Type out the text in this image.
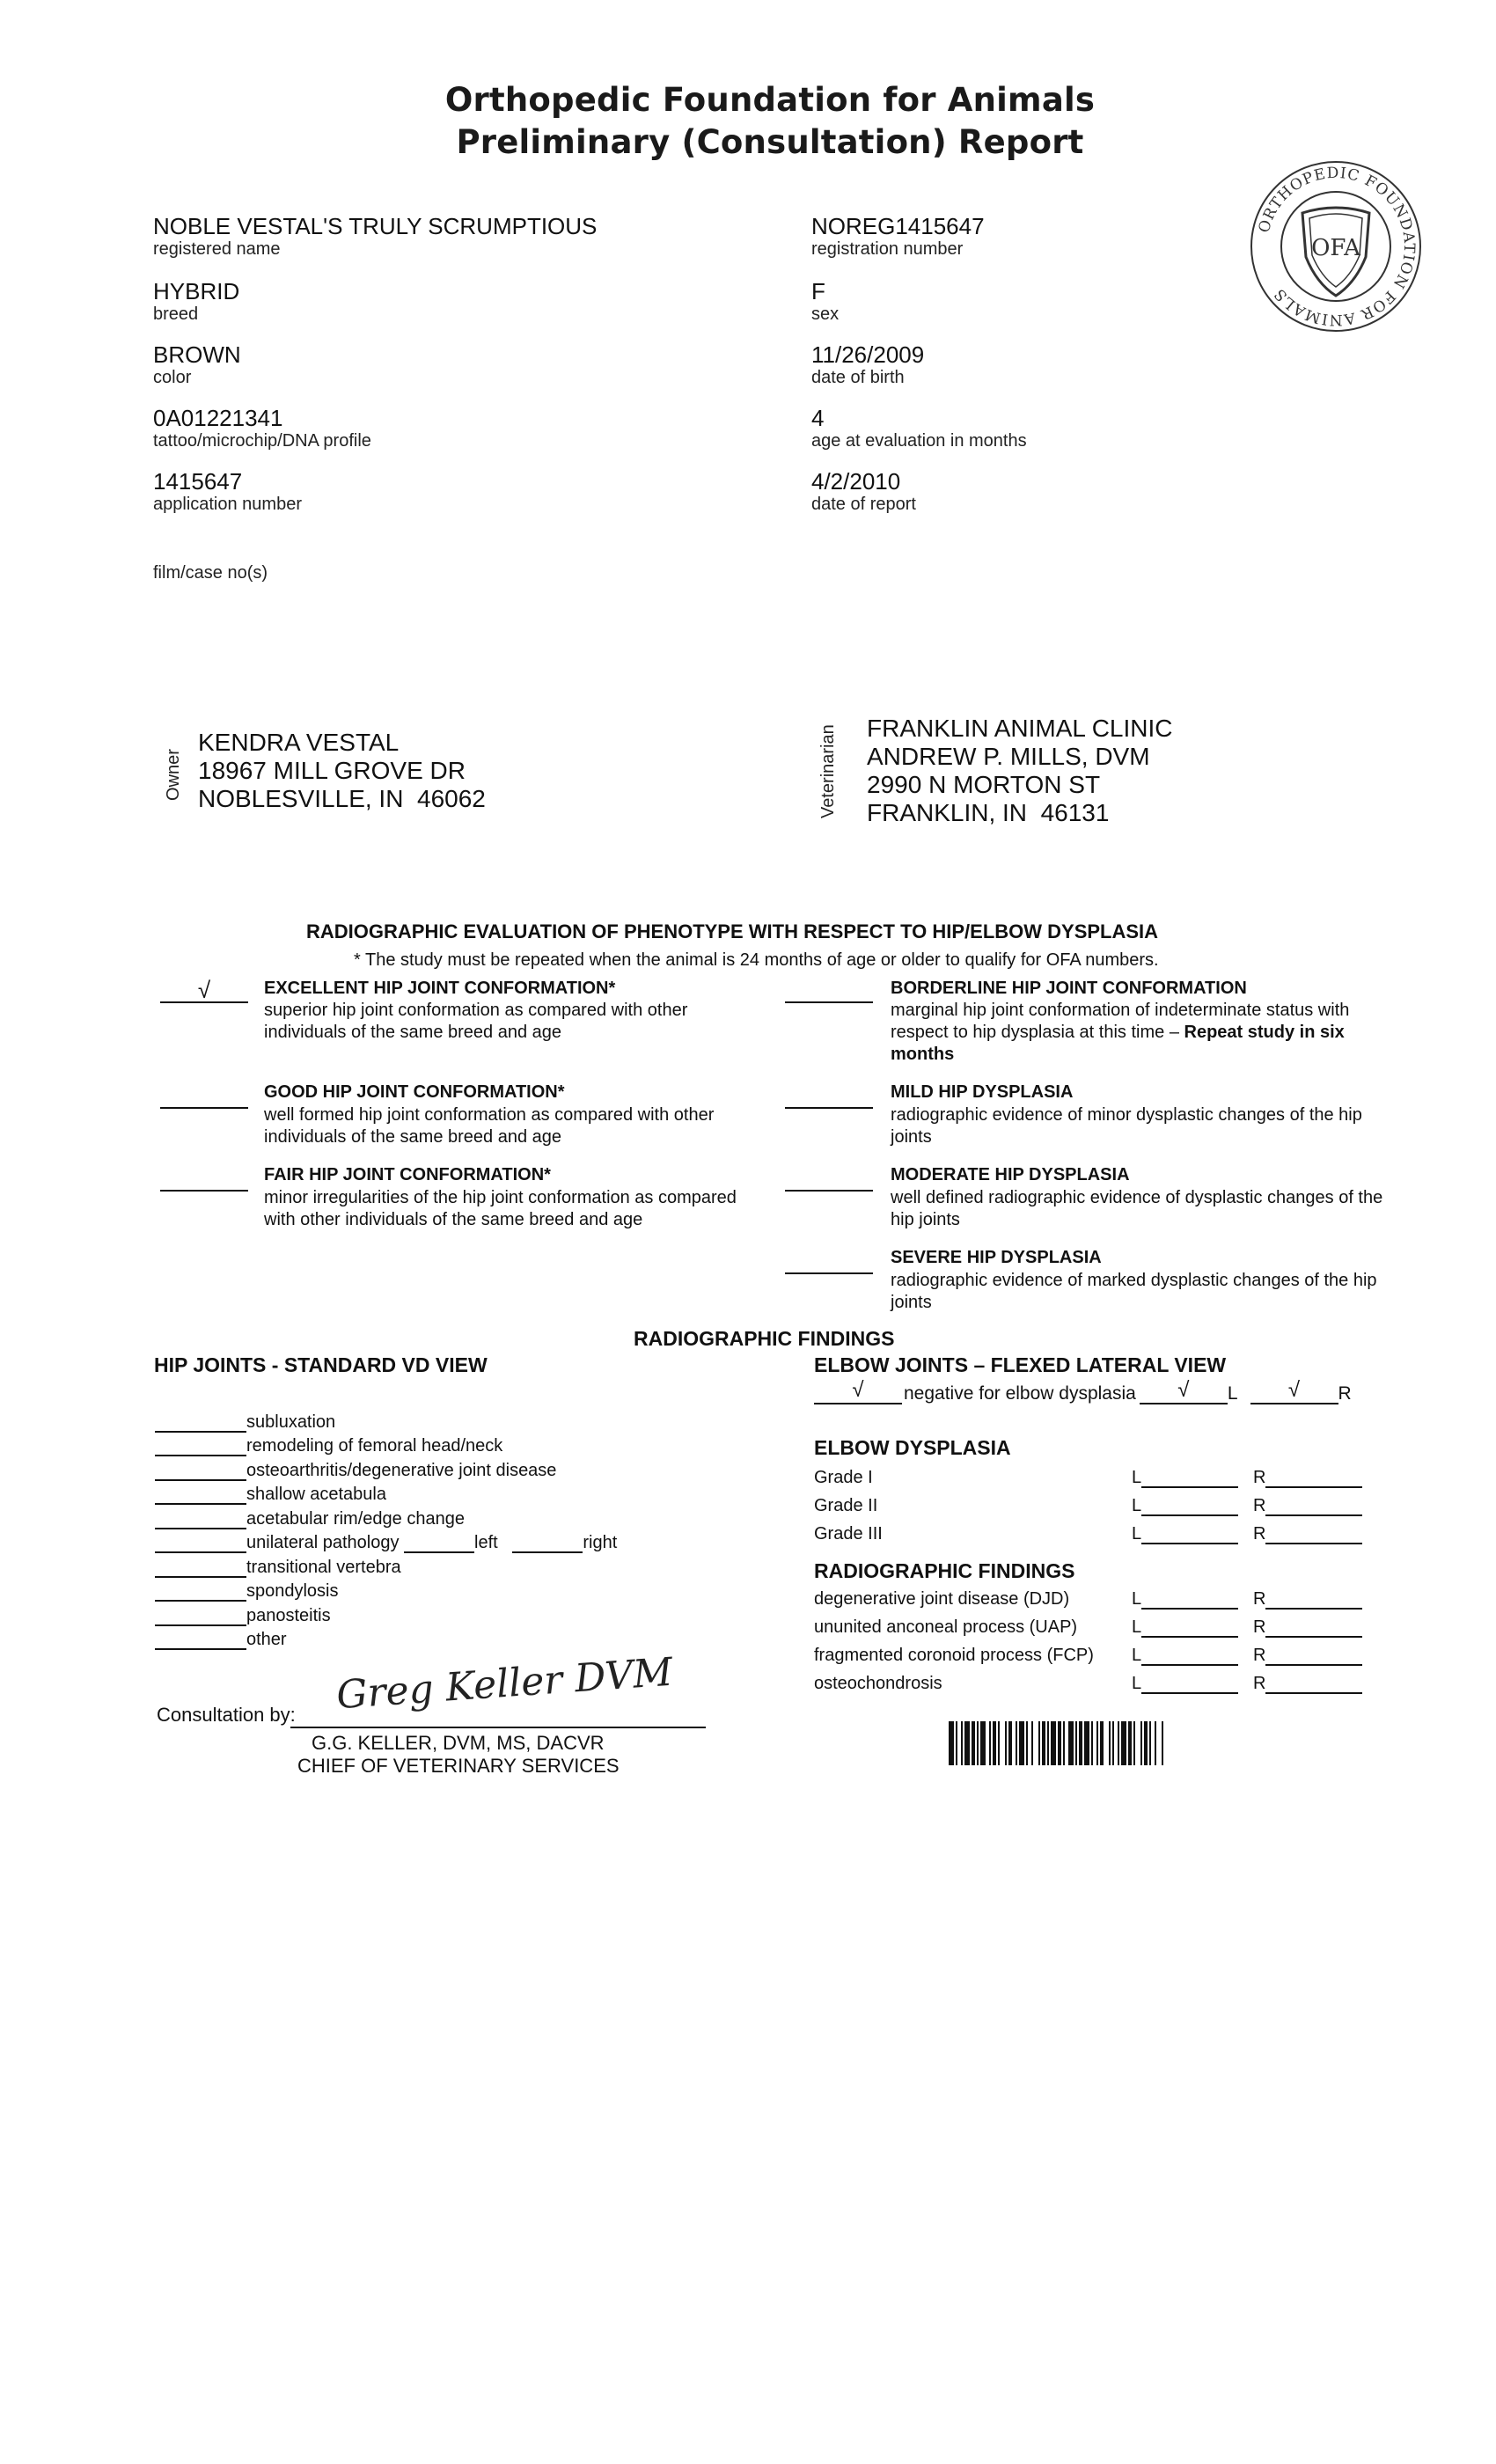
Orthopedic Foundation for Animals
Preliminary (Consultation) Report
ORTHOPEDIC FOUNDATION FOR ANIMALS
OFA
NOBLE VESTAL'S TRULY SCRUMPTIOUS
registered name
HYBRID
breed
BROWN
color
0A01221341
tattoo/microchip/DNA profile
1415647
application number
NOREG1415647
registration number
F
sex
11/26/2009
date of birth
4
age at evaluation in months
4/2/2010
date of report
film/case no(s)
Owner
KENDRA VESTAL
18967 MILL GROVE DR
NOBLESVILLE, IN  46062	Veterinarian FRANKLIN ANIMAL CLINIC
ANDREW P. MILLS, DVM
2990 N MORTON ST
FRANKLIN, IN  46131
RADIOGRAPHIC EVALUATION OF PHENOTYPE WITH RESPECT TO HIP/ELBOW DYSPLASIA
* The study must be repeated when the animal is 24 months of age or older to qualify for OFA numbers.
√	EXCELLENT HIP JOINT CONFORMATION*
superior hip joint conformation as compared with other individuals of the same breed and age
GOOD HIP JOINT CONFORMATION*
well formed hip joint conformation as compared with other individuals of the same breed and age
FAIR HIP JOINT CONFORMATION*
minor irregularities of the hip joint conformation as compared with other individuals of the same breed and age
BORDERLINE HIP JOINT CONFORMATION
marginal hip joint conformation of indeterminate status with respect to hip dysplasia at this time – Repeat study in six months
MILD HIP DYSPLASIA
radiographic evidence of minor dysplastic changes of the hip joints
MODERATE HIP DYSPLASIA
well defined radiographic evidence of dysplastic changes of the hip joints
SEVERE HIP DYSPLASIA
radiographic evidence of marked dysplastic changes of the hip joints
RADIOGRAPHIC FINDINGS
HIP JOINTS - STANDARD VD VIEW
subluxation
remodeling of femoral head/neck
osteoarthritis/degenerative joint disease
shallow acetabula
acetabular rim/edge change
unilateral pathology
	left
	right
transitional vertebra
spondylosis
panosteitis
other
ELBOW JOINTS – FLEXED LATERAL VIEW
√	negative for elbow dysplasia	√	L	√	R
ELBOW DYSPLASIA
Grade I	L	R
Grade II	L	R
Grade III	L	R
RADIOGRAPHIC FINDINGS
degenerative joint disease (DJD)	L	R
ununited anconeal process (UAP)	L	R
fragmented coronoid process (FCP) L	R
osteochondrosis	L	R
Consultation by: Greg Keller DVM
G.G. KELLER, DVM, MS, DACVR
CHIEF OF VETERINARY SERVICES
